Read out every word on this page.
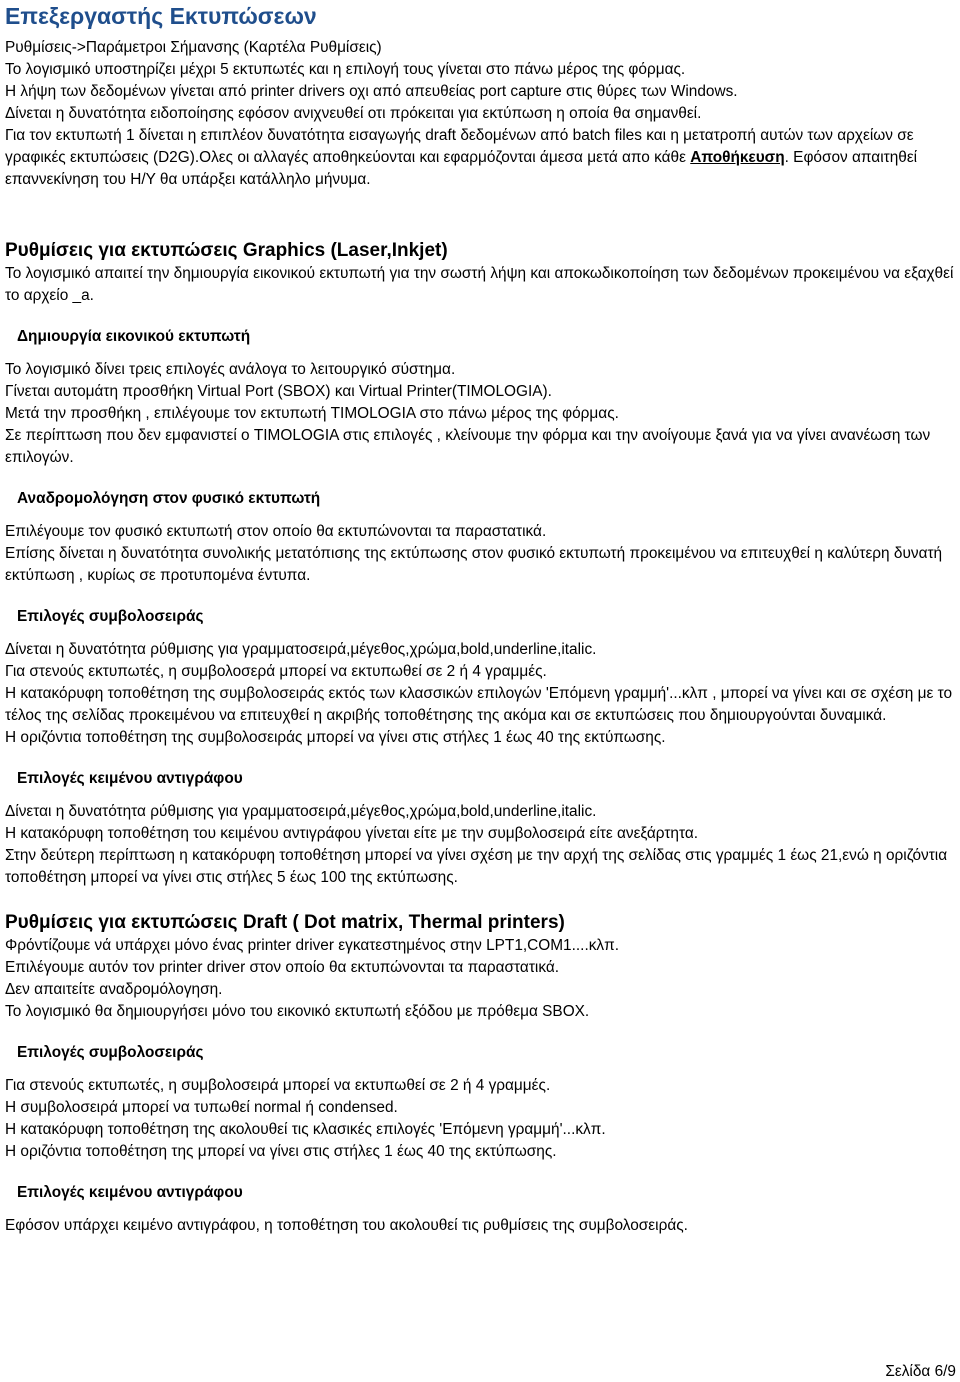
Επεξεργαστής Εκτυπώσεων

Ρυθμίσεις->Παράμετροι Σήμανσης (Καρτέλα Ρυθμίσεις)

Το λογισμικό υποστηρίζει μέχρι 5 εκτυπωτές και η επιλογή τους γίνεται στο πάνω μέρος της φόρμας.

Η λήψη των δεδομένων γίνεται από printer drivers οχι από απευθείας port capture στις θύρες των Windows.

Δίνεται η δυνατότητα ειδοποίησης εφόσον ανιχνευθεί οτι πρόκειται για εκτύπωση η οποία θα σημανθεί.

Για τον εκτυπωτή 1 δίνεται η επιπλέον δυνατότητα εισαγωγής draft δεδομένων από batch files και η μετατροπή αυτών των αρχείων σε γραφικές εκτυπώσεις (D2G).Ολες οι αλλαγές αποθηκεύονται και εφαρμόζονται άμεσα μετά απο κάθε Αποθήκευση. Εφόσον απαιτηθεί επαννεκίνηση του Η/Υ θα υπάρξει κατάλληλο μήνυμα.

Ρυθμίσεις για εκτυπώσεις Graphics (Laser,Inkjet)

Το λογισμικό απαιτεί την δημιουργία εικονικού εκτυπωτή για την σωστή λήψη και αποκωδικοποίηση των δεδομένων προκειμένου να εξαχθεί το αρχείο _a.

Δημιουργία εικονικού εκτυπωτή

Το λογισμικό δίνει τρεις επιλογές ανάλογα το λειτουργικό σύστημα.

Γίνεται αυτομάτη προσθήκη Virtual Port (SBOX) και Virtual Printer(TIMOLOGIA).

Μετά την προσθήκη , επιλέγουμε τον εκτυπωτή TIMOLOGIA στο πάνω μέρος της φόρμας.

Σε περίπτωση που δεν εμφανιστεί ο TIMOLOGIA στις επιλογές , κλείνουμε την φόρμα και την ανοίγουμε ξανά για να γίνει ανανέωση των επιλογών.

Αναδρομολόγηση στον φυσικό εκτυπωτή

Επιλέγουμε τον φυσικό εκτυπωτή στον οποίο θα εκτυπώνονται τα παραστατικά.

Επίσης δίνεται η δυνατότητα συνολικής μετατόπισης της εκτύπωσης στον φυσικό εκτυπωτή προκειμένου να επιτευχθεί η καλύτερη δυνατή εκτύπωση , κυρίως σε προτυπομένα έντυπα.

Επιλογές συμβολοσειράς

Δίνεται η δυνατότητα ρύθμισης για γραμματοσειρά,μέγεθος,χρώμα,bold,underline,italic.

Για στενούς εκτυπωτές, η συμβολοσερά μπορεί να εκτυπωθεί σε 2 ή 4 γραμμές.

Η κατακόρυφη τοποθέτηση της συμβολοσειράς εκτός των κλασσικών επιλογών 'Επόμενη γραμμή'...κλπ , μπορεί να γίνει και σε σχέση με το τέλος της σελίδας προκειμένου να επιτευχθεί η ακριβής τοποθέτησης της ακόμα και σε εκτυπώσεις που δημιουργούνται δυναμικά.

Η οριζόντια τοποθέτηση της συμβολοσειράς μπορεί να γίνει στις στήλες 1 έως 40 της εκτύπωσης.

Επιλογές κειμένου αντιγράφου

Δίνεται η δυνατότητα ρύθμισης για γραμματοσειρά,μέγεθος,χρώμα,bold,underline,italic.

Η κατακόρυφη τοποθέτηση του κειμένου αντιγράφου γίνεται είτε με την συμβολοσειρά είτε ανεξάρτητα.

Στην δεύτερη περίπτωση η κατακόρυφη τοποθέτηση μπορεί να γίνει σχέση με την αρχή της σελίδας στις γραμμές 1 έως 21,ενώ η οριζόντια τοποθέτηση μπορεί να γίνει στις στήλες 5 έως 100 της εκτύπωσης.

Ρυθμίσεις για εκτυπώσεις Draft ( Dot matrix, Thermal printers)

Φρόντίζουμε νά υπάρχει μόνο ένας printer driver εγκατεστημένος στην LPT1,COM1....κλπ.

Επιλέγουμε αυτόν τον printer driver στον οποίο θα εκτυπώνονται τα παραστατικά.

Δεν απαιτείτε αναδρομόλογηση.

Το λογισμικό θα δημιουργήσει μόνο του εικονικό εκτυπωτή εξόδου με πρόθεμα SBOX.

Επιλογές συμβολοσειράς

Για στενούς εκτυπωτές, η συμβολοσειρά μπορεί να εκτυπωθεί σε 2 ή 4 γραμμές.

Η συμβολοσειρά μπορεί να τυπωθεί normal ή condensed.

Η κατακόρυφη τοποθέτηση της ακολουθεί τις κλασικές επιλογές 'Επόμενη γραμμή'...κλπ.

Η οριζόντια τοποθέτηση της μπορεί να γίνει στις στήλες 1 έως 40 της εκτύπωσης.

Επιλογές κειμένου αντιγράφου

Εφόσον υπάρχει κειμένο αντιγράφου, η τοποθέτηση του ακολουθεί τις ρυθμίσεις της συμβολοσειράς.

Σελίδα 6/9
